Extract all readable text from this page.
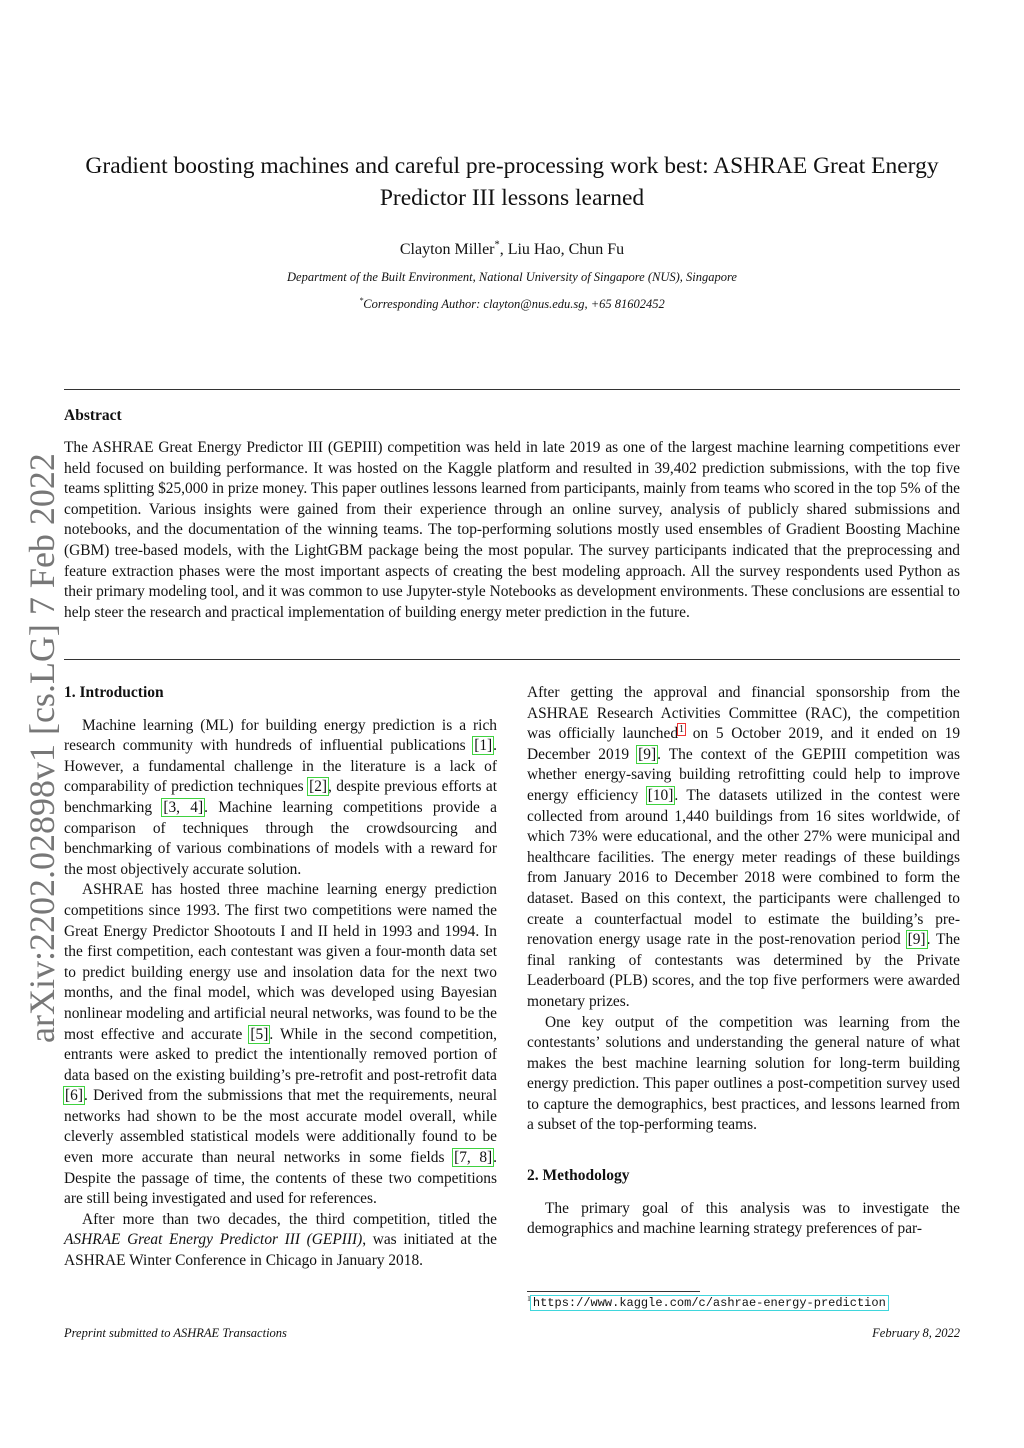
arXiv:2202.02898v1 [cs.LG] 7 Feb 2022
Gradient boosting machines and careful pre-processing work best: ASHRAE Great Energy Predictor III lessons learned
Clayton Miller*, Liu Hao, Chun Fu
Department of the Built Environment, National University of Singapore (NUS), Singapore
*Corresponding Author: clayton@nus.edu.sg, +65 81602452
Abstract
The ASHRAE Great Energy Predictor III (GEPIII) competition was held in late 2019 as one of the largest machine learning competitions ever held focused on building performance. It was hosted on the Kaggle platform and resulted in 39,402 prediction submissions, with the top five teams splitting $25,000 in prize money. This paper outlines lessons learned from participants, mainly from teams who scored in the top 5% of the competition. Various insights were gained from their experience through an online survey, analysis of publicly shared submissions and notebooks, and the documentation of the winning teams. The top-performing solutions mostly used ensembles of Gradient Boosting Machine (GBM) tree-based models, with the LightGBM package being the most popular. The survey participants indicated that the preprocessing and feature extraction phases were the most important aspects of creating the best modeling approach. All the survey respondents used Python as their primary modeling tool, and it was common to use Jupyter-style Notebooks as development environments. These conclusions are essential to help steer the research and practical implementation of building energy meter prediction in the future.
1. Introduction

Machine learning (ML) for building energy prediction is a rich research community with hundreds of influential publications [1]. However, a fundamental challenge in the literature is a lack of comparability of prediction techniques [2], despite previous efforts at benchmarking [3, 4]. Machine learning competitions provide a comparison of techniques through the crowdsourcing and benchmarking of various combinations of models with a reward for the most objectively accurate solution.

ASHRAE has hosted three machine learning energy prediction competitions since 1993. The first two competitions were named the Great Energy Predictor Shootouts I and II held in 1993 and 1994. In the first competition, each contestant was given a four-month data set to predict building energy use and insolation data for the next two months, and the final model, which was developed using Bayesian nonlinear modeling and artificial neural networks, was found to be the most effective and accurate [5]. While in the second competition, entrants were asked to predict the intentionally removed portion of data based on the existing building’s pre-retrofit and post-retrofit data [6]. Derived from the submissions that met the requirements, neural networks had shown to be the most accurate model overall, while cleverly assembled statistical models were additionally found to be even more accurate than neural networks in some fields [7, 8]. Despite the passage of time, the contents of these two competitions are still being investigated and used for references.

After more than two decades, the third competition, titled the ASHRAE Great Energy Predictor III (GEPIII), was initiated at the ASHRAE Winter Conference in Chicago in January 2018.

After getting the approval and financial sponsorship from the ASHRAE Research Activities Committee (RAC), the competition was officially launched$^1$ on 5 October 2019, and it ended on 19 December 2019 [9]. The context of the GEPIII competition was whether energy-saving building retrofitting could help to improve energy efficiency [10]. The datasets utilized in the contest were collected from around 1,440 buildings from 16 sites worldwide, of which 73% were educational, and the other 27% were municipal and healthcare facilities. The energy meter readings of these buildings from January 2016 to December 2018 were combined to form the dataset. Based on this context, the participants were challenged to create a counterfactual model to estimate the building’s pre-renovation energy usage rate in the post-renovation period [9]. The final ranking of contestants was determined by the Private Leaderboard (PLB) scores, and the top five performers were awarded monetary prizes.

One key output of the competition was learning from the contestants’ solutions and understanding the general nature of what makes the best machine learning solution for long-term building energy prediction. This paper outlines a post-competition survey used to capture the demographics, best practices, and lessons learned from a subset of the top-performing teams.

2. Methodology

The primary goal of this analysis was to investigate the demographics and machine learning strategy preferences of par-

$^1$ https://www.kaggle.com/c/ashrae-energy-prediction
Preprint submitted to ASHRAE Transactions	February 8, 2022
